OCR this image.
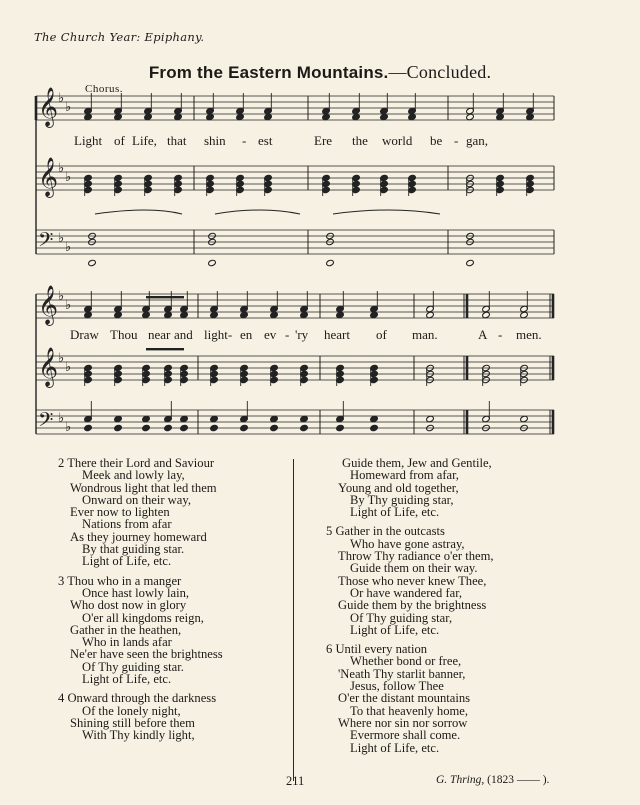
The Church Year: Epiphany.
From the Eastern Mountains.—Concluded.
Chorus.
𝄞
𝄞
𝄢
♭
♭
♭
♭
♭
♭
𝄞
𝄞
𝄢
♭
♭
♭
♭
♭
♭
Light of Life, that shin - est	Ere the world be - gan,
Draw Thou near and light- en ev - 'ry heart of man.	A - men.
2 There their Lord and Saviour
Meek and lowly lay,
Wondrous light that led them
Onward on their way,
Ever now to lighten
Nations from afar
As they journey homeward
By that guiding star.
Light of Life, etc.
3 Thou who in a manger
Once hast lowly lain,
Who dost now in glory
O'er all kingdoms reign,
Gather in the heathen,
Who in lands afar
Ne'er have seen the brightness
Of Thy guiding star.
Light of Life, etc.
4 Onward through the darkness
Of the lonely night,
Shining still before them
With Thy kindly light,
Guide them, Jew and Gentile,
Homeward from afar,
Young and old together,
By Thy guiding star,
Light of Life, etc.
5 Gather in the outcasts
Who have gone astray,
Throw Thy radiance o'er them,
Guide them on their way.
Those who never knew Thee,
Or have wandered far,
Guide them by the brightness
Of Thy guiding star,
Light of Life, etc.
6 Until every nation
Whether bond or free,
'Neath Thy starlit banner,
Jesus, follow Thee
O'er the distant mountains
To that heavenly home,
Where nor sin nor sorrow
Evermore shall come.
Light of Life, etc.
211	G. Thring, (1823 —— ).
